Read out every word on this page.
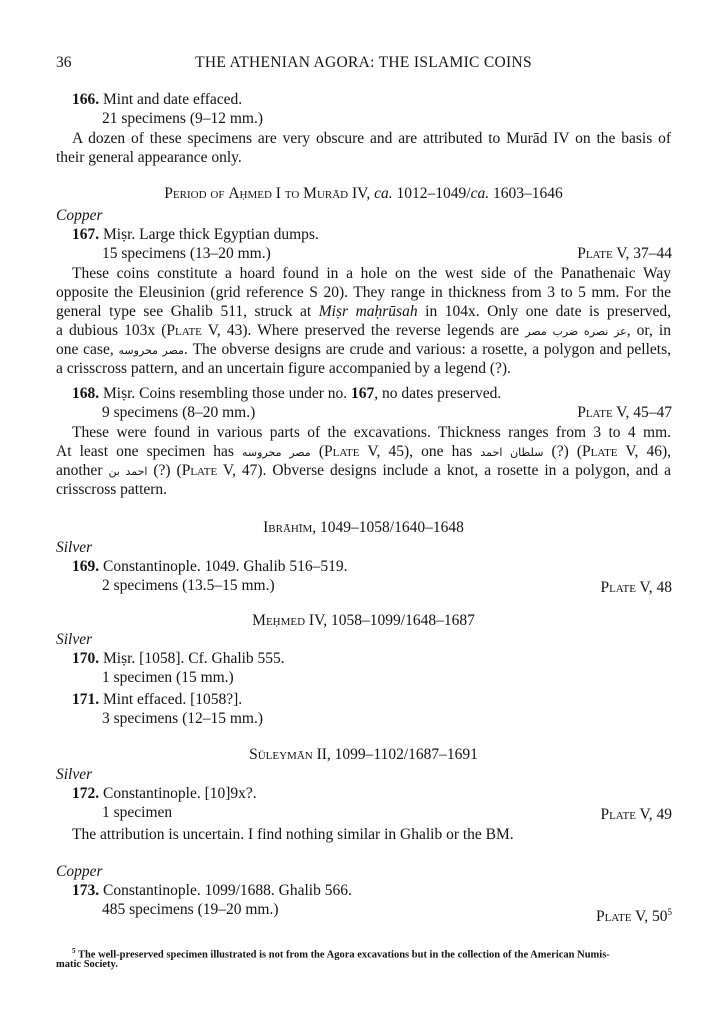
36	THE ATHENIAN AGORA: THE ISLAMIC COINS
166. Mint and date effaced.
21 specimens (9–12 mm.)
A dozen of these specimens are very obscure and are attributed to Murād IV on the basis of
their general appearance only.
Period of Aḥmed I to Murād IV, ca. 1012–1049/ca. 1603–1646
Copper
167. Miṣr. Large thick Egyptian dumps.
15 specimens (13–20 mm.)	Plate V, 37–44
These coins constitute a hoard found in a hole on the west side of the Panathenaic Way
opposite the Eleusinion (grid reference S 20). They range in thickness from 3 to 5 mm. For the
general type see Ghalib 511, struck at Miṣr maḥrūsah in 104x. Only one date is preserved,
a dubious 103x (Plate V, 43). Where preserved the reverse legends are عز نصره ضرب مصر, or, in
one case, مصر محروسه. The obverse designs are crude and various: a rosette, a polygon and pellets,
a crisscross pattern, and an uncertain figure accompanied by a legend (?).
168. Miṣr. Coins resembling those under no. 167, no dates preserved.
9 specimens (8–20 mm.)	Plate V, 45–47
These were found in various parts of the excavations. Thickness ranges from 3 to 4 mm.
At least one specimen has مصر محروسه (Plate V, 45), one has سلطان احمد (?) (Plate V, 46),
another احمد بن (?) (Plate V, 47). Obverse designs include a knot, a rosette in a polygon, and a
crisscross pattern.
Ibrāhīm, 1049–1058/1640–1648
Silver
169. Constantinople. 1049. Ghalib 516–519.
2 specimens (13.5–15 mm.)	Plate V, 48
Meḥmed IV, 1058–1099/1648–1687
Silver
170. Miṣr. [1058]. Cf. Ghalib 555.
1 specimen (15 mm.)
171. Mint effaced. [1058?].
3 specimens (12–15 mm.)
Süleymān II, 1099–1102/1687–1691
Silver
172. Constantinople. [10]9x?.
1 specimen	Plate V, 49
The attribution is uncertain. I find nothing similar in Ghalib or the BM.
Copper
173. Constantinople. 1099/1688. Ghalib 566.
485 specimens (19–20 mm.)	Plate V, $50^5$
$^5$ The well-preserved specimen illustrated is not from the Agora excavations but in the collection of the American Numis-
matic Society.
